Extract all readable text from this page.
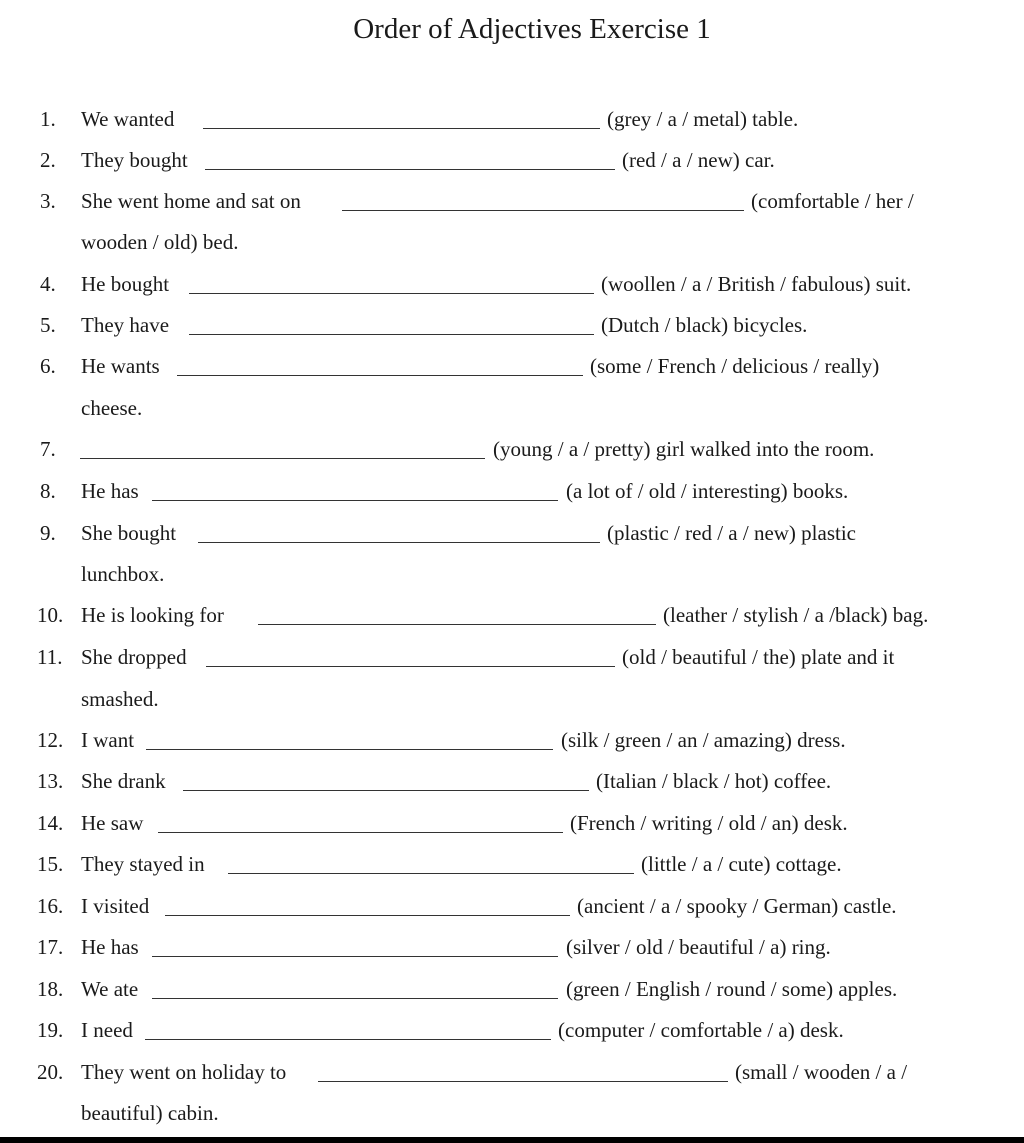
Order of Adjectives Exercise 1
1. We wanted	(grey / a / metal) table.
2. They bought	(red / a / new) car.
3. She went home and sat on	(comfortable / her /
wooden / old) bed.
4. He bought	(woollen / a / British / fabulous) suit.
5. They have	(Dutch / black) bicycles.
6. He wants	(some / French / delicious / really)
cheese.
7.	(young / a / pretty) girl walked into the room.
8. He has	(a lot of / old / interesting) books.
9. She bought	(plastic / red / a / new) plastic
lunchbox.
10. He is looking for	(leather / stylish / a /black) bag.
11. She dropped	(old / beautiful / the) plate and it
smashed.
12. I want	(silk / green / an / amazing) dress.
13. She drank	(Italian / black / hot) coffee.
14. He saw	(French / writing / old / an) desk.
15. They stayed in	(little / a / cute) cottage.
16. I visited	(ancient / a / spooky / German) castle.
17. He has	(silver / old / beautiful / a) ring.
18. We ate	(green / English / round / some) apples.
19. I need	(computer / comfortable / a) desk.
20. They went on holiday to	(small / wooden / a /
beautiful) cabin.
